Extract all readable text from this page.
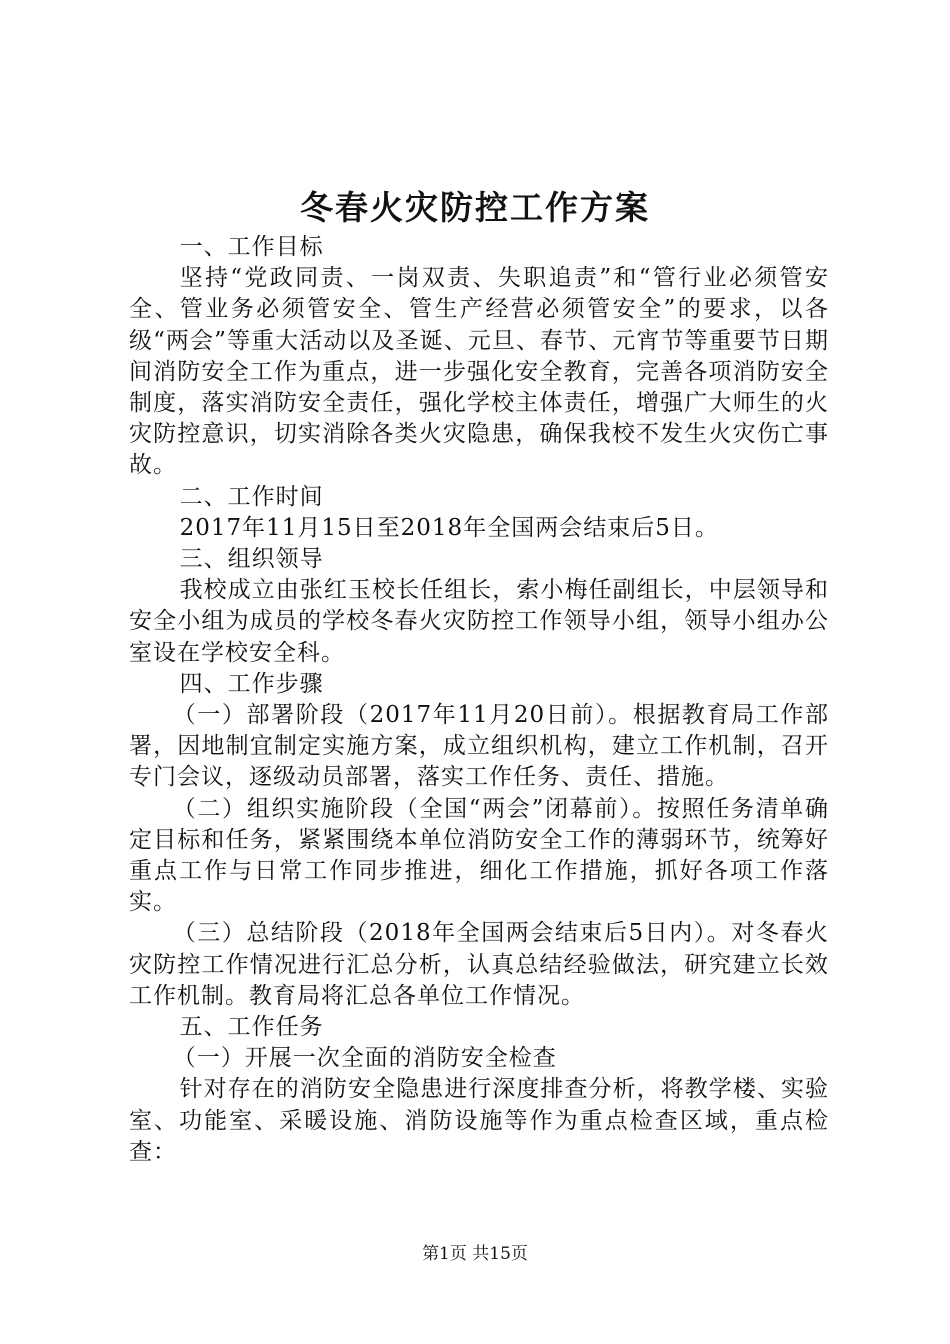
冬春火灾防控工作方案

一、工作目标

坚持“党政同责、一岗双责、失职追责”和“管行业必须管安全、管业务必须管安全、管生产经营必须管安全”的要求，以各级“两会”等重大活动以及圣诞、元旦、春节、元宵节等重要节日期间消防安全工作为重点，进一步强化安全教育，完善各项消防安全制度，落实消防安全责任，强化学校主体责任，增强广大师生的火灾防控意识，切实消除各类火灾隐患，确保我校不发生火灾伤亡事故。

二、工作时间

2017年11月15日至2018年全国两会结束后5日。

三、组织领导

我校成立由张红玉校长任组长，索小梅任副组长，中层领导和安全小组为成员的学校冬春火灾防控工作领导小组，领导小组办公室设在学校安全科。

四、工作步骤

（一）部署阶段（2017年11月20日前）。根据教育局工作部署，因地制宜制定实施方案，成立组织机构，建立工作机制，召开专门会议，逐级动员部署，落实工作任务、责任、措施。

（二）组织实施阶段（全国“两会”闭幕前）。按照任务清单确定目标和任务，紧紧围绕本单位消防安全工作的薄弱环节，统筹好重点工作与日常工作同步推进，细化工作措施，抓好各项工作落实。

（三）总结阶段（2018年全国两会结束后5日内）。对冬春火灾防控工作情况进行汇总分析，认真总结经验做法，研究建立长效工作机制。教育局将汇总各单位工作情况。

五、工作任务

（一）开展一次全面的消防安全检查

针对存在的消防安全隐患进行深度排查分析，将教学楼、实验室、功能室、采暖设施、消防设施等作为重点检查区域，重点检查：

第1页 共15页
